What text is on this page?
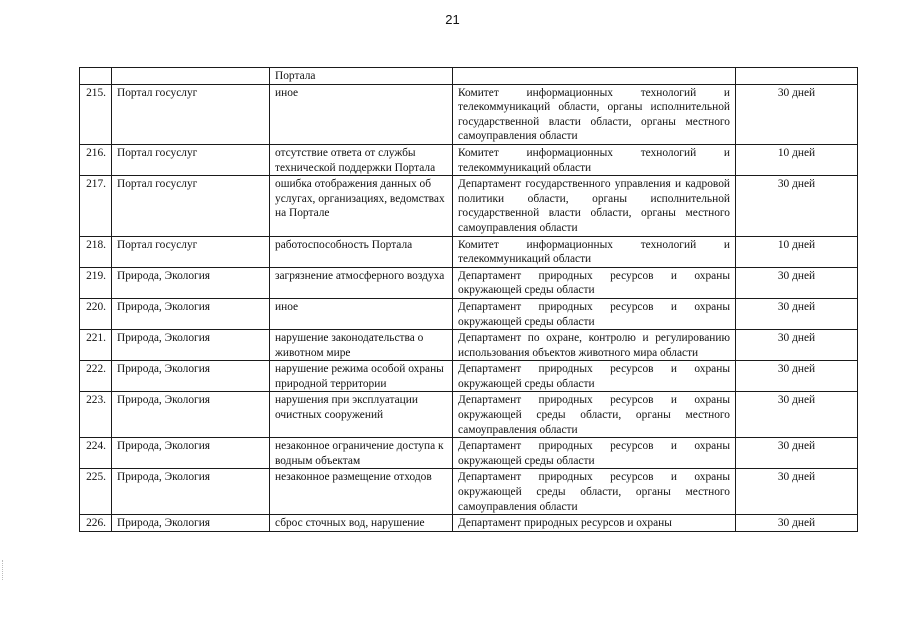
21
		Портала		
215.	Портал госуслуг	иное	Комитет информационных технологий и телекоммуникаций области, органы исполнительной государственной власти области, органы местного самоуправления области	30 дней
216.	Портал госуслуг	отсутствие ответа от службы технической поддержки Портала	Комитет информационных технологий и телекоммуникаций области	10 дней
217.	Портал госуслуг	ошибка отображения данных об услугах, организациях, ведомствах на Портале	Департамент государственного управления и кадровой политики области, органы исполнительной государственной власти области, органы местного самоуправления области	30 дней
218.	Портал госуслуг	работоспособность Портала	Комитет информационных технологий и телекоммуникаций области	10 дней
219.	Природа, Экология	загрязнение атмосферного воздуха	Департамент природных ресурсов и охраны окружающей среды области	30 дней
220.	Природа, Экология	иное	Департамент природных ресурсов и охраны окружающей среды области	30 дней
221.	Природа, Экология	нарушение законодательства о животном мире	Департамент по охране, контролю и регулированию использования объектов животного мира области	30 дней
222.	Природа, Экология	нарушение режима особой охраны природной территории	Департамент природных ресурсов и охраны окружающей среды области	30 дней
223.	Природа, Экология	нарушения при эксплуатации очистных сооружений	Департамент природных ресурсов и охраны окружающей среды области, органы местного самоуправления области	30 дней
224.	Природа, Экология	незаконное ограничение доступа к водным объектам	Департамент природных ресурсов и охраны окружающей среды области	30 дней
225.	Природа, Экология	незаконное размещение отходов	Департамент природных ресурсов и охраны окружающей среды области, органы местного самоуправления области	30 дней
226.	Природа, Экология	сброс сточных вод, нарушение	Департамент природных ресурсов и охраны	30 дней
